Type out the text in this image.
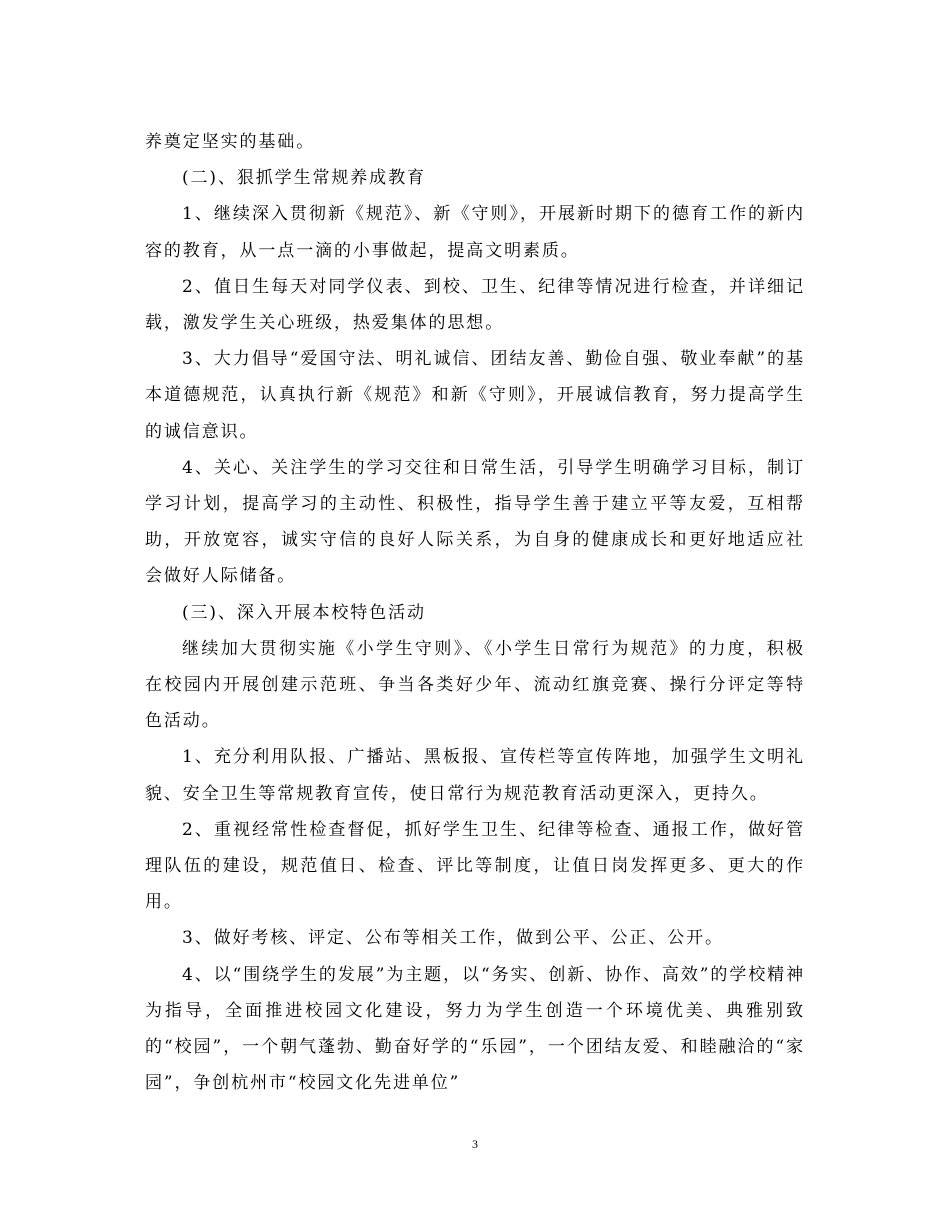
养奠定坚实的基础。

(二)、狠抓学生常规养成教育

1、继续深入贯彻新《规范》、新《守则》，开展新时期下的德育工作的新内容的教育，从一点一滴的小事做起，提高文明素质。

2、值日生每天对同学仪表、到校、卫生、纪律等情况进行检查，并详细记载，激发学生关心班级，热爱集体的思想。

3、大力倡导“爱国守法、明礼诚信、团结友善、勤俭自强、敬业奉献”的基本道德规范，认真执行新《规范》和新《守则》，开展诚信教育，努力提高学生的诚信意识。

4、关心、关注学生的学习交往和日常生活，引导学生明确学习目标，制订学习计划，提高学习的主动性、积极性，指导学生善于建立平等友爱，互相帮助，开放宽容，诚实守信的良好人际关系，为自身的健康成长和更好地适应社会做好人际储备。

(三)、深入开展本校特色活动

继续加大贯彻实施《小学生守则》、《小学生日常行为规范》的力度，积极在校园内开展创建示范班、争当各类好少年、流动红旗竞赛、操行分评定等特色活动。

1、充分利用队报、广播站、黑板报、宣传栏等宣传阵地，加强学生文明礼貌、安全卫生等常规教育宣传，使日常行为规范教育活动更深入，更持久。

2、重视经常性检查督促，抓好学生卫生、纪律等检查、通报工作，做好管理队伍的建设，规范值日、检查、评比等制度，让值日岗发挥更多、更大的作用。

3、做好考核、评定、公布等相关工作，做到公平、公正、公开。

4、以“围绕学生的发展”为主题，以“务实、创新、协作、高效”的学校精神为指导，全面推进校园文化建设，努力为学生创造一个环境优美、典雅别致的“校园”，一个朝气蓬勃、勤奋好学的“乐园”，一个团结友爱、和睦融洽的“家园”，争创杭州市“校园文化先进单位”

3
